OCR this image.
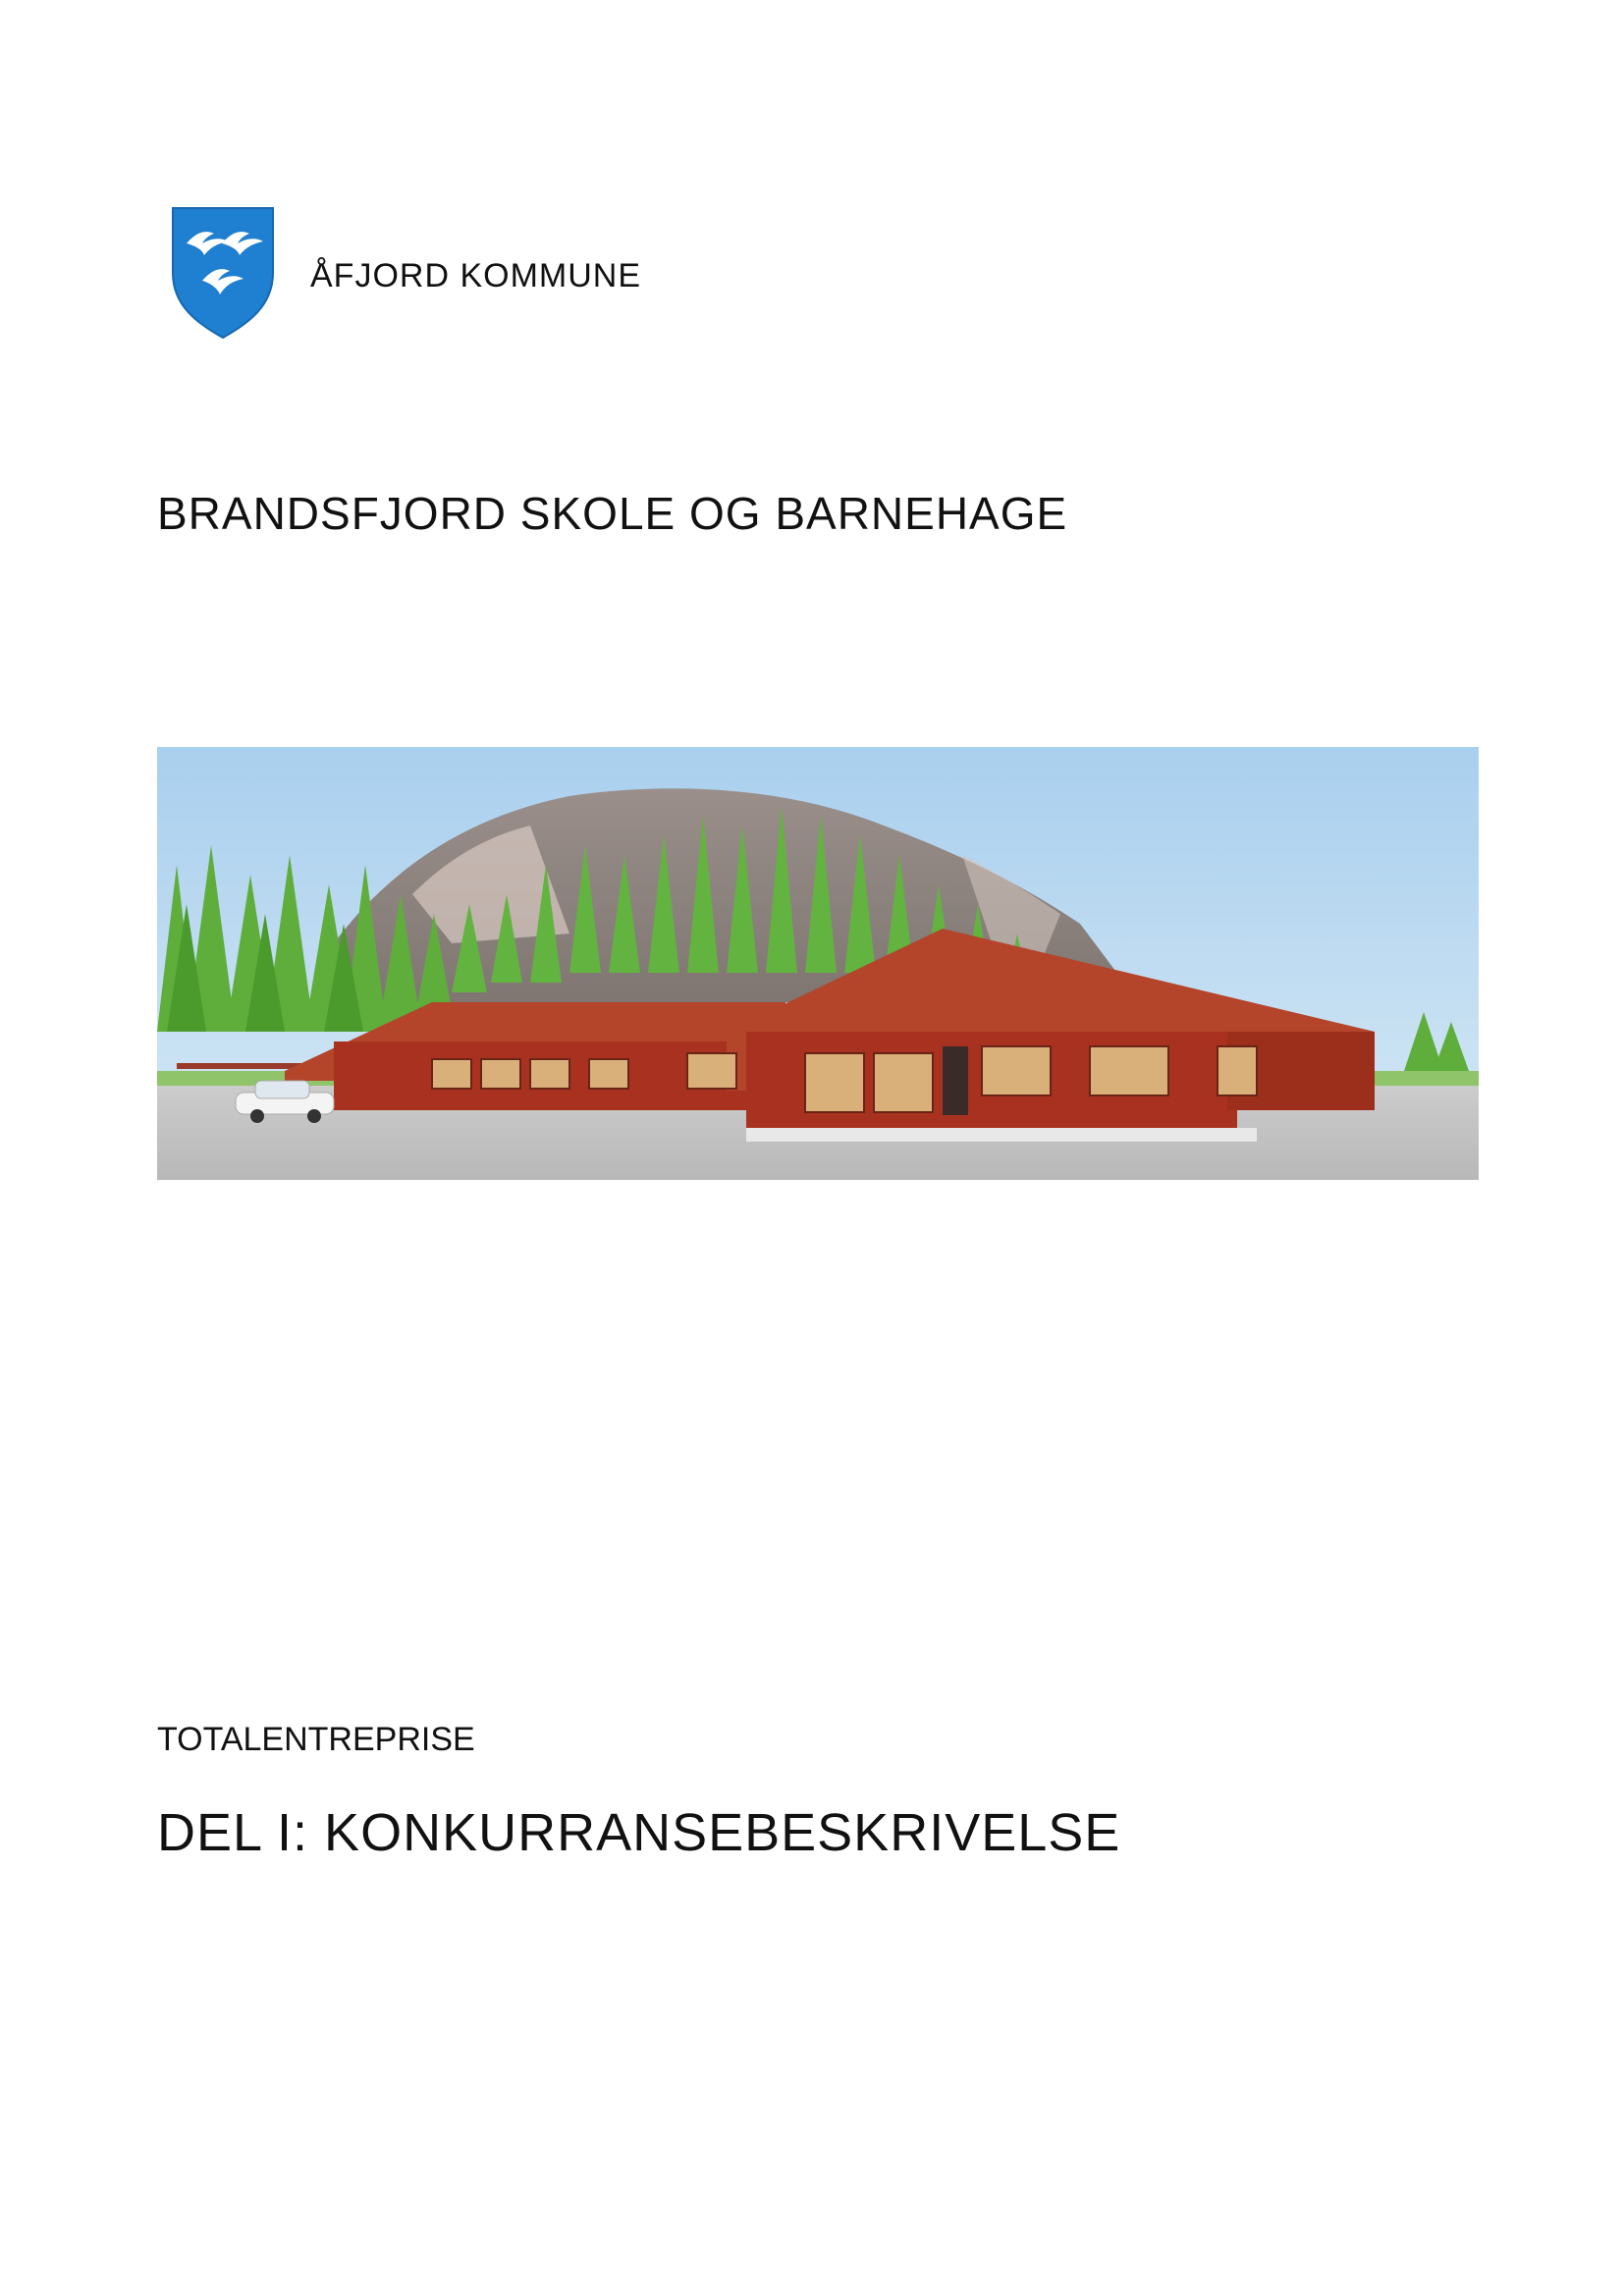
ÅFJORD KOMMUNE
BRANDSFJORD SKOLE OG BARNEHAGE
TOTALENTREPRISE
DEL I: KONKURRANSEBESKRIVELSE
